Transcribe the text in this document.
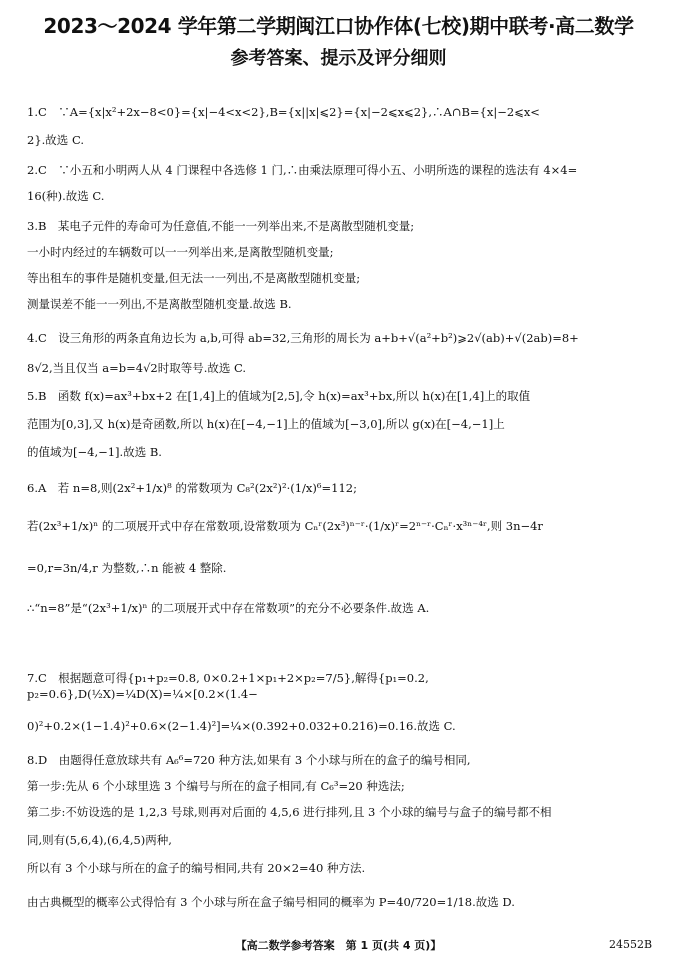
2023～2024 学年第二学期闽江口协作体(七校)期中联考·高二数学
参考答案、提示及评分细则
1.C　∵A={x|x²+2x−8<0}={x|−4<x<2},B={x||x|⩽2}={x|−2⩽x⩽2},∴A∩B={x|−2⩽x<
2}.故选 C.
2.C　∵小五和小明两人从 4 门课程中各选修 1 门,∴由乘法原理可得小五、小明所选的课程的选法有 4×4=
16(种).故选 C.
3.B　某电子元件的寿命可为任意值,不能一一列举出来,不是离散型随机变量;
一小时内经过的车辆数可以一一列举出来,是离散型随机变量;
等出租车的事件是随机变量,但无法一一列出,不是离散型随机变量;
测量误差不能一一列出,不是离散型随机变量.故选 B.
4.C　设三角形的两条直角边长为 a,b,可得 ab=32,三角形的周长为 a+b+√(a²+b²)⩾2√(ab)+√(2ab)=8+
8√2,当且仅当 a=b=4√2时取等号.故选 C.
5.B　函数 f(x)=ax³+bx+2 在[1,4]上的值域为[2,5],令 h(x)=ax³+bx,所以 h(x)在[1,4]上的取值
范围为[0,3],又 h(x)是奇函数,所以 h(x)在[−4,−1]上的值域为[−3,0],所以 g(x)在[−4,−1]上
的值域为[−4,−1].故选 B.
6.A　若 n=8,则(2x²+1/x)⁸ 的常数项为 C₈²(2x²)²·(1/x)⁶=112;
若(2x³+1/x)ⁿ 的二项展开式中存在常数项,设常数项为 Cₙʳ(2x³)ⁿ⁻ʳ·(1/x)ʳ=2ⁿ⁻ʳ·Cₙʳ·x³ⁿ⁻⁴ʳ,则 3n−4r
=0,r=3n/4,r 为整数,∴n 能被 4 整除.
∴“n=8”是“(2x³+1/x)ⁿ 的二项展开式中存在常数项”的充分不必要条件.故选 A.
7.C　根据题意可得{p₁+p₂=0.8, 0×0.2+1×p₁+2×p₂=7/5},解得{p₁=0.2, p₂=0.6},D(½X)=¼D(X)=¼×[0.2×(1.4−
0)²+0.2×(1−1.4)²+0.6×(2−1.4)²]=¼×(0.392+0.032+0.216)=0.16.故选 C.
8.D　由题得任意放球共有 A₆⁶=720 种方法,如果有 3 个小球与所在的盒子的编号相同,
第一步:先从 6 个小球里选 3 个编号与所在的盒子相同,有 C₆³=20 种选法;
第二步:不妨设选的是 1,2,3 号球,则再对后面的 4,5,6 进行排列,且 3 个小球的编号与盒子的编号都不相
同,则有(5,6,4),(6,4,5)两种,
所以有 3 个小球与所在的盒子的编号相同,共有 20×2=40 种方法.
由古典概型的概率公式得恰有 3 个小球与所在盒子编号相同的概率为 P=40/720=1/18.故选 D.
【高二数学参考答案　第 1 页(共 4 页)】	24552B
